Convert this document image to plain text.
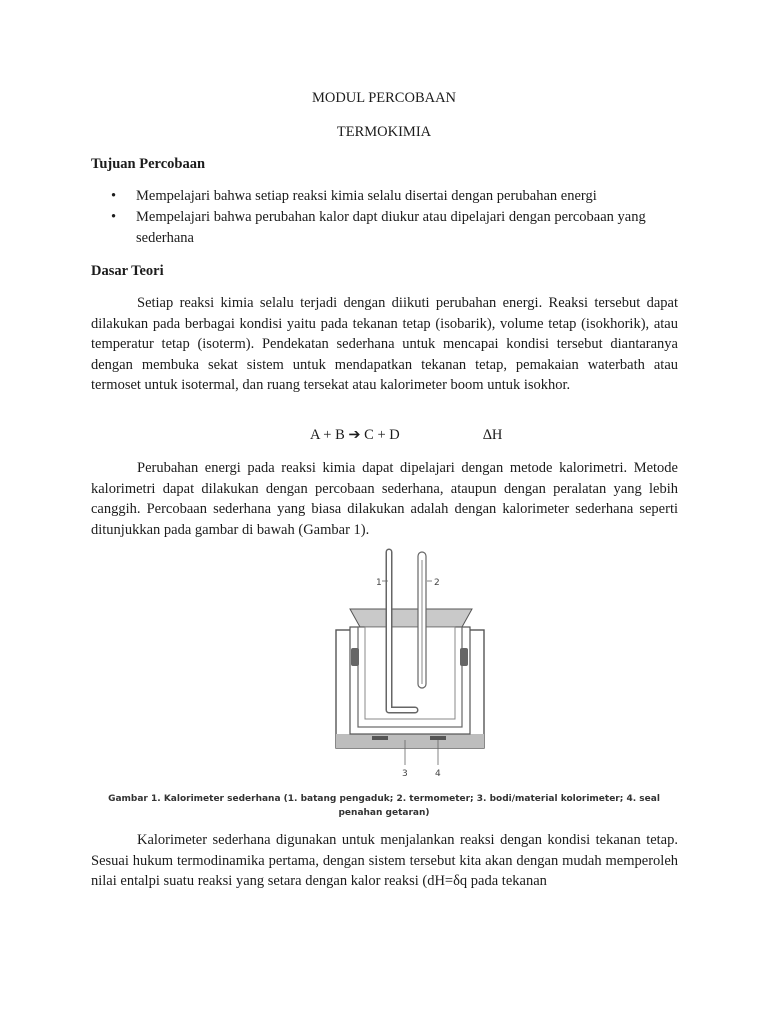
MODUL PERCOBAAN
TERMOKIMIA
Tujuan Percobaan
• Mempelajari bahwa setiap reaksi kimia selalu disertai dengan perubahan energi
• Mempelajari bahwa perubahan kalor dapt diukur atau dipelajari dengan percobaan yang sederhana
Dasar Teori

Setiap reaksi kimia selalu terjadi dengan diikuti perubahan energi. Reaksi tersebut dapat dilakukan pada berbagai kondisi yaitu pada tekanan tetap (isobarik), volume tetap (isokhorik), atau temperatur tetap (isoterm). Pendekatan sederhana untuk mencapai kondisi tersebut diantaranya dengan membuka sekat sistem untuk mendapatkan tekanan tetap, pemakaian waterbath atau termoset untuk isotermal, dan ruang tersekat atau kalorimeter boom untuk isokhor.

A + B ➔ C + D	∆H

Perubahan energi pada reaksi kimia dapat dipelajari dengan metode kalorimetri. Metode kalorimetri dapat dilakukan dengan percobaan sederhana, ataupun dengan peralatan yang lebih canggih. Percobaan sederhana yang biasa dilakukan adalah dengan kalorimeter sederhana seperti ditunjukkan pada gambar di bawah (Gambar 1).

1	2
3	4
Gambar 1. Kalorimeter sederhana (1. batang pengaduk; 2. termometer; 3. bodi/material kolorimeter; 4. seal penahan getaran)

Kalorimeter sederhana digunakan untuk menjalankan reaksi dengan kondisi tekanan tetap. Sesuai hukum termodinamika pertama, dengan sistem tersebut kita akan dengan mudah memperoleh nilai entalpi suatu reaksi yang setara dengan kalor reaksi (dH=δq pada tekanan
